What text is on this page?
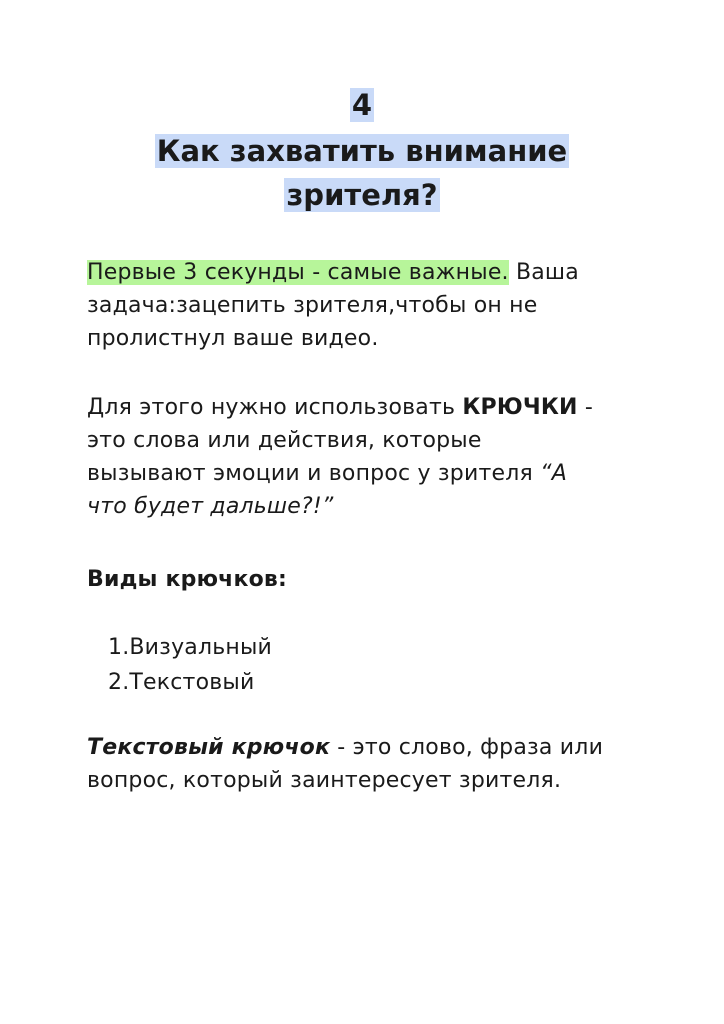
4
Как захватить внимание
зрителя?
Первые 3 секунды - самые важные. Ваша
задача:зацепить зрителя,чтобы он не
пролистнул ваше видео.
Для этого нужно использовать КРЮЧКИ -
это слова или действия, которые
вызывают эмоции и вопрос у зрителя “А
что будет дальше?!”
Виды крючков:
1.Визуальный
2.Текстовый
Текстовый крючок - это слово, фраза или
вопрос, который заинтересует зрителя.
